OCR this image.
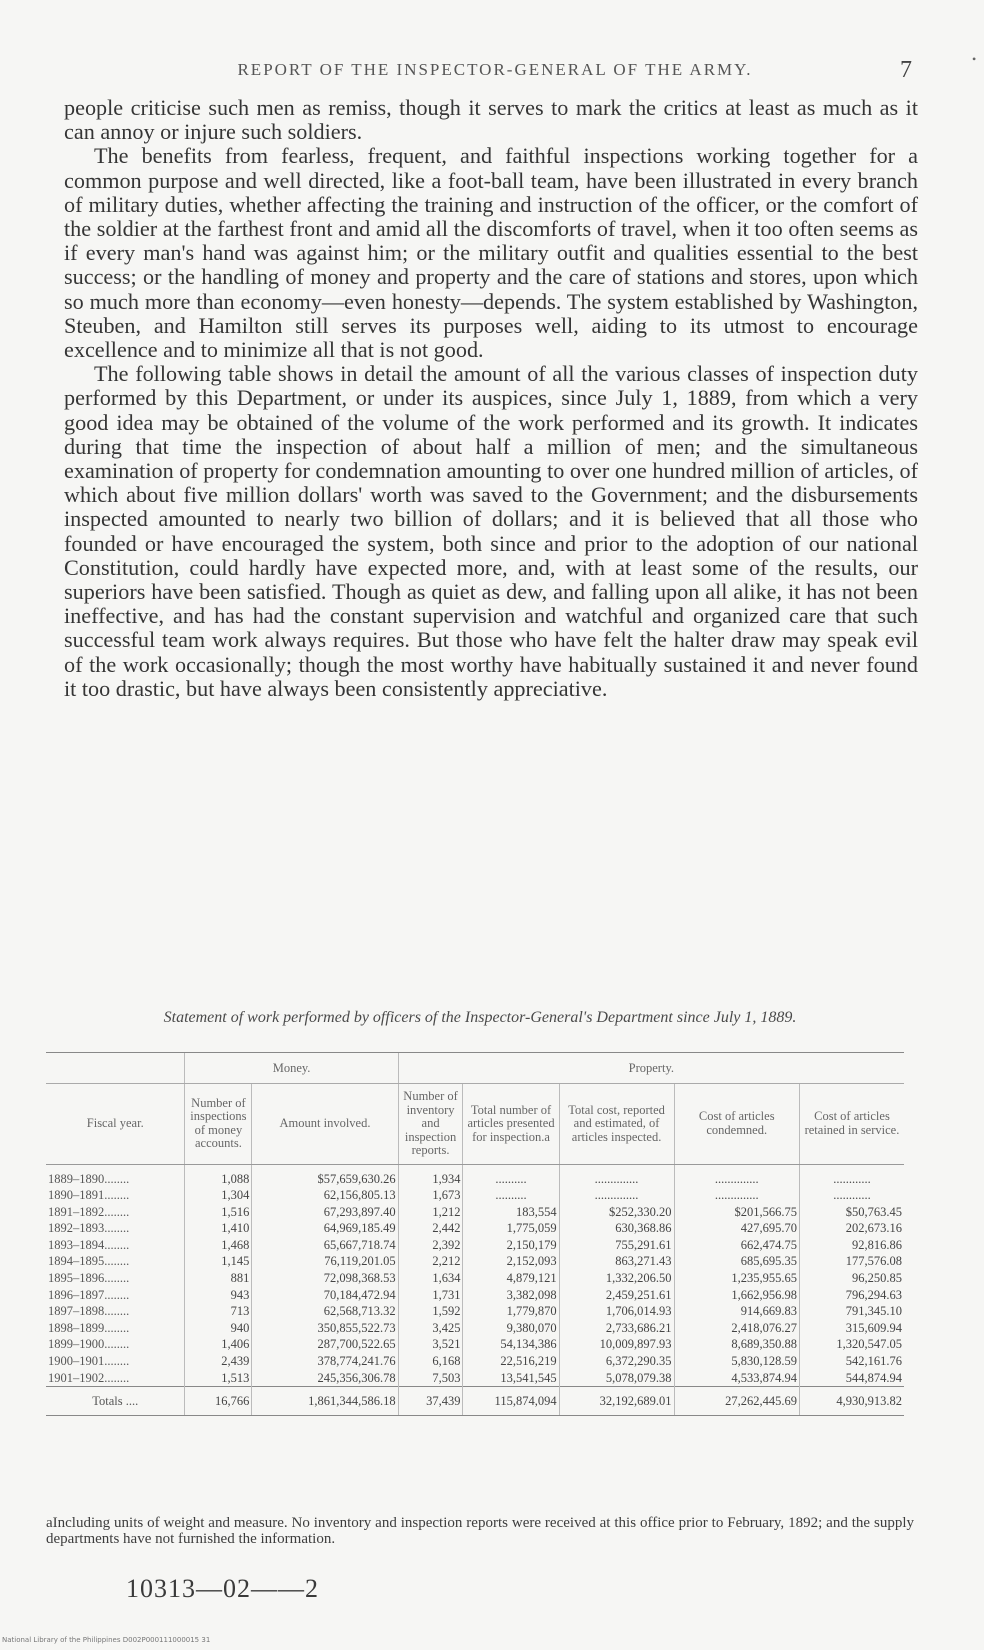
REPORT OF THE INSPECTOR-GENERAL OF THE ARMY.	7	•

people criticise such men as remiss, though it serves to mark the critics at least as much as it can annoy or injure such soldiers.

The benefits from fearless, frequent, and faithful inspections working together for a common purpose and well directed, like a foot-ball team, have been illustrated in every branch of military duties, whether affecting the training and instruction of the officer, or the comfort of the soldier at the farthest front and amid all the discomforts of travel, when it too often seems as if every man's hand was against him; or the military outfit and qualities essential to the best success; or the handling of money and property and the care of stations and stores, upon which so much more than economy—even honesty—depends. The system established by Washington, Steuben, and Hamilton still serves its purposes well, aiding to its utmost to encourage excellence and to minimize all that is not good.

The following table shows in detail the amount of all the various classes of inspection duty performed by this Department, or under its auspices, since July 1, 1889, from which a very good idea may be obtained of the volume of the work performed and its growth. It indicates during that time the inspection of about half a million of men; and the simultaneous examination of property for condemnation amounting to over one hundred million of articles, of which about five million dollars' worth was saved to the Government; and the disbursements inspected amounted to nearly two billion of dollars; and it is believed that all those who founded or have encouraged the system, both since and prior to the adoption of our national Constitution, could hardly have expected more, and, with at least some of the results, our superiors have been satisfied. Though as quiet as dew, and falling upon all alike, it has not been ineffective, and has had the constant supervision and watchful and organized care that such successful team work always requires. But those who have felt the halter draw may speak evil of the work occasionally; though the most worthy have habitually sustained it and never found it too drastic, but have always been consistently appreciative.

Statement of work performed by officers of the Inspector-General's Department since July 1, 1889.
	Money.		Property.				
Fiscal year.	Number of inspections of money accounts.	Amount involved.	Number of inventory and inspection reports.	Total number of articles presented for inspection.a	Total cost, reported and estimated, of articles inspected.	Cost of articles condemned.	Cost of articles retained in service.
1889–1890........	1,088	$57,659,630.26	1,934	..........	..............	..............	............
1890–1891........	1,304	62,156,805.13	1,673	..........	..............	..............	............
1891–1892........	1,516	67,293,897.40	1,212	183,554	$252,330.20	$201,566.75	$50,763.45
1892–1893........	1,410	64,969,185.49	2,442	1,775,059	630,368.86	427,695.70	202,673.16
1893–1894........	1,468	65,667,718.74	2,392	2,150,179	755,291.61	662,474.75	92,816.86
1894–1895........	1,145	76,119,201.05	2,212	2,152,093	863,271.43	685,695.35	177,576.08
1895–1896........	881	72,098,368.53	1,634	4,879,121	1,332,206.50	1,235,955.65	96,250.85
1896–1897........	943	70,184,472.94	1,731	3,382,098	2,459,251.61	1,662,956.98	796,294.63
1897–1898........	713	62,568,713.32	1,592	1,779,870	1,706,014.93	914,669.83	791,345.10
1898–1899........	940	350,855,522.73	3,425	9,380,070	2,733,686.21	2,418,076.27	315,609.94
1899–1900........	1,406	287,700,522.65	3,521	54,134,386	10,009,897.93	8,689,350.88	1,320,547.05
1900–1901........	2,439	378,774,241.76	6,168	22,516,219	6,372,290.35	5,830,128.59	542,161.76
1901–1902........	1,513	245,356,306.78	7,503	13,541,545	5,078,079.38	4,533,874.94	544,874.94
Totals ....	16,766	1,861,344,586.18	37,439	115,874,094	32,192,689.01	27,262,445.69	4,930,913.82
aIncluding units of weight and measure. No inventory and inspection reports were received at this office prior to February, 1892; and the supply departments have not furnished the information.
10313—02——2
National Library of the Philippines D002P000111000015 31
